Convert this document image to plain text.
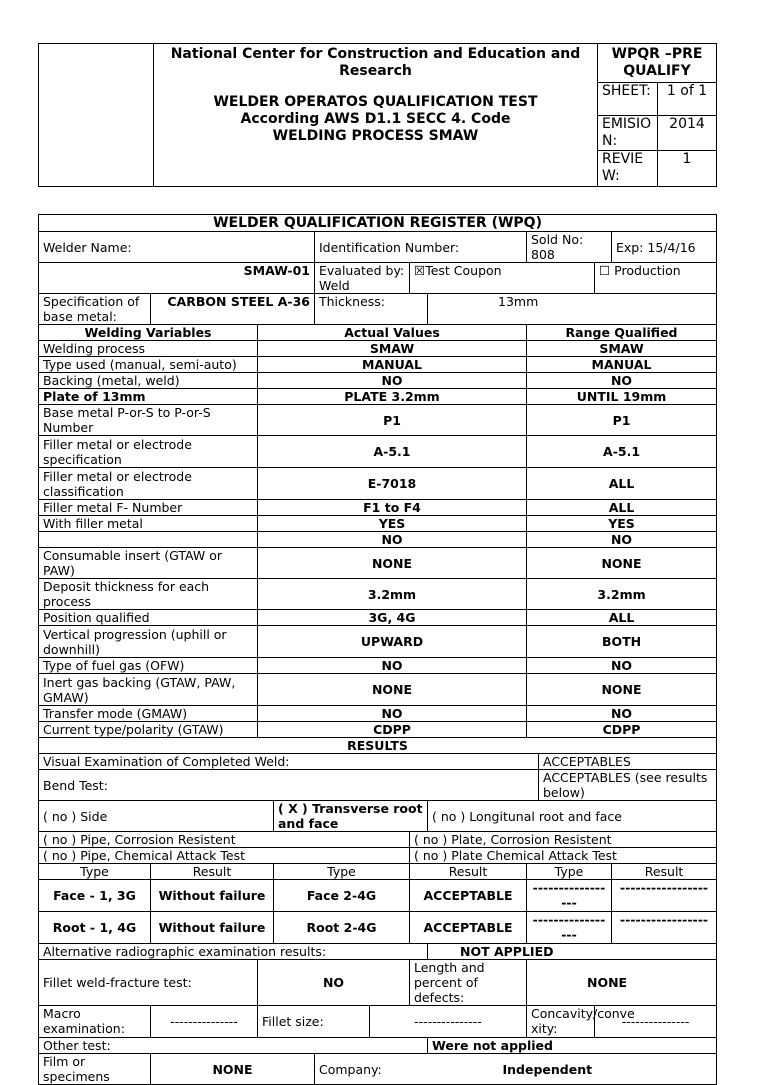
	National Center for Construction and Education and Research
WELDER OPERATOS QUALIFICATION TEST
According AWS D1.1 SECC 4. Code
WELDING PROCESS SMAW	WPQR –PRE QUALIFY	
		SHEET:	1 of 1
		EMISIO N:	2014
		REVIE W:	1
WELDER QUALIFICATION REGISTER (WPQ)											
Welder Name:				Identification Number:				Sold No: 808			Exp: 15/4/16
SMAW-01				Evaluated by: Weld		☒Test Coupon				☐ Production	
Specification of base metal:	CARBON STEEL A-36			Thickness:			13mm				
Welding Variables		Actual Values						Range Qualified			
Welding process		SMAW						SMAW			
Type used (manual, semi-auto)		MANUAL						MANUAL			
Backing (metal, weld)		NO						NO			
Plate of 13mm		PLATE 3.2mm						UNTIL 19mm			
Base metal P-or-S to P-or-S Number		P1						P1			
Filler metal or electrode specification		A-5.1						A-5.1			
Filler metal or electrode classification		E-7018						ALL			
Filler metal F- Number		F1 to F4						ALL			
With filler metal		YES						YES			
		NO						NO			
Consumable insert (GTAW or PAW)		NONE						NONE			
Deposit thickness for each process		3.2mm						3.2mm			
Position qualified		3G, 4G						ALL			
Vertical progression (uphill or downhill)		UPWARD						BOTH			
Type of fuel gas (OFW)		NO						NO			
Inert gas backing (GTAW, PAW, GMAW)		NONE						NONE			
Transfer mode (GMAW)		NO						NO			
Current type/polarity (GTAW)		CDPP						CDPP			
RESULTS											
Visual Examination of Completed Weld:									ACCEPTABLES		
Bend Test:									ACCEPTABLES (see results below)		
( no ) Side			( X ) Transverse root and face				( no ) Longitunal root and face				
( no ) Pipe, Corrosion Resistent						( no ) Plate, Corrosion Resistent					
( no ) Pipe, Chemical Attack Test						( no ) Plate Chemical Attack Test					
Type	Result		Type			Result		Type			Result
Face - 1, 3G	Without failure		Face 2-4G			ACCEPTABLE		-----------------			-----------------
Root - 1, 4G	Without failure		Root 2-4G			ACCEPTABLE		-----------------			-----------------
Alternative radiographic examination results:							NOT APPLIED				
Fillet weld-fracture test:		NO				Length and percent of defects:		NONE			
Macro examination:	---------------	Fillet size:			---------------			Concavity/conve xity:		---------------	
Other test:							Were not applied				
Film or specimens	NONE			Company:			Independent				
